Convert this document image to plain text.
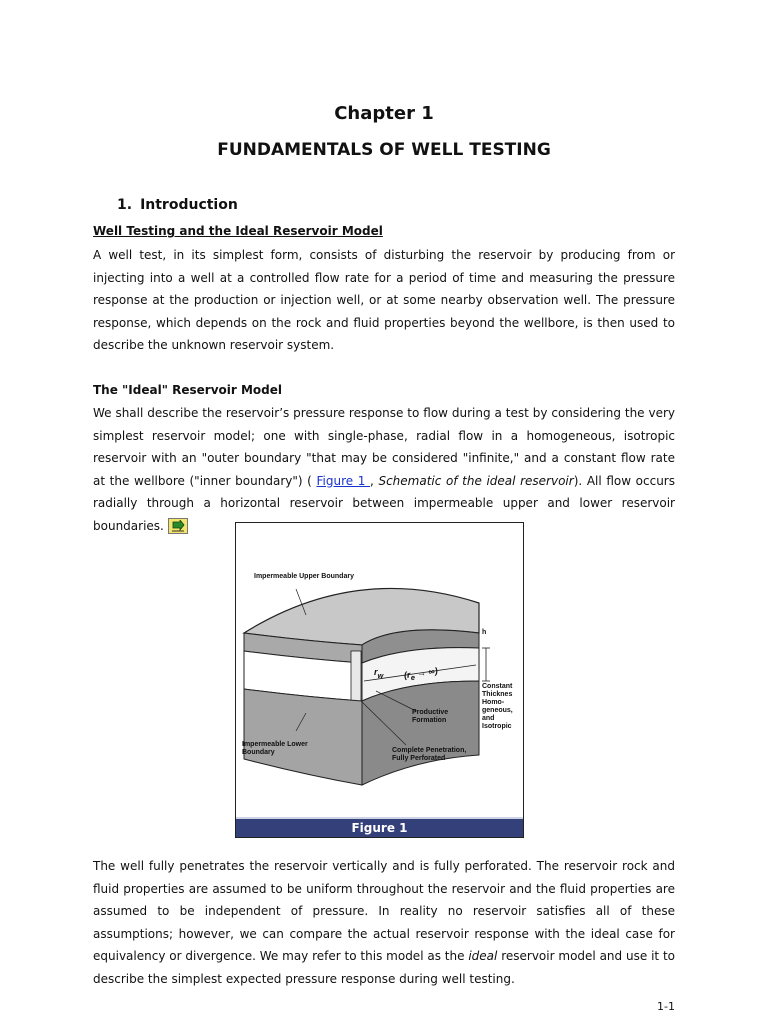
Chapter 1
FUNDAMENTALS OF WELL TESTING
1. Introduction
Well Testing and the Ideal Reservoir Model
A well test, in its simplest form, consists of disturbing the reservoir by producing from or injecting into a well at a controlled flow rate for a period of time and measuring the pressure response at the production or injection well, or at some nearby observation well. The pressure response, which depends on the rock and fluid properties beyond the wellbore, is then used to describe the unknown reservoir system.
The "Ideal" Reservoir Model
We shall describe the reservoir’s pressure response to flow during a test by considering the very simplest reservoir model; one with single-phase, radial flow in a homogeneous, isotropic reservoir with an "outer boundary "that may be considered "infinite," and a constant flow rate at the wellbore ("inner boundary") ( Figure 1 , Schematic of the ideal reservoir). All flow occurs radially through a horizontal reservoir between impermeable upper and lower reservoir boundaries.
Impermeable Upper Boundary
h
$r_w$ ($r_e$ → ∞)
Productive Formation
Constant Thicknes Homo- geneous, and Isotropic
Impermeable Lower Boundary	Complete Penetration, Fully Perforated
Figure 1
The well fully penetrates the reservoir vertically and is fully perforated. The reservoir rock and fluid properties are assumed to be uniform throughout the reservoir and the fluid properties are assumed to be independent of pressure. In reality no reservoir satisfies all of these assumptions; however, we can compare the actual reservoir response with the ideal case for equivalency or divergence. We may refer to this model as the ideal reservoir model and use it to describe the simplest expected pressure response during well testing.
1-1
